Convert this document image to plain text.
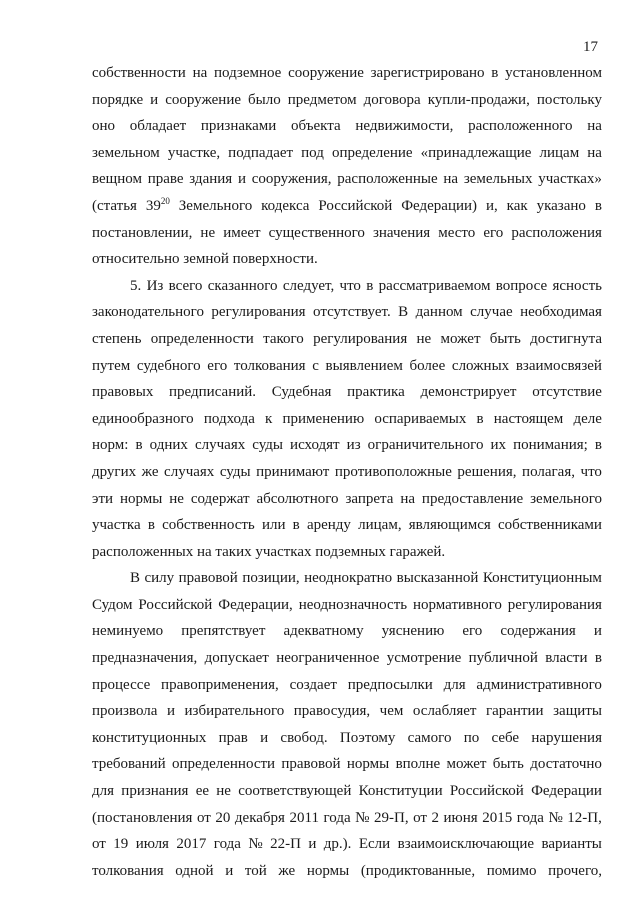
17
собственности на подземное сооружение зарегистрировано в установленном
порядке и сооружение было предметом договора купли-продажи, постольку
оно обладает признаками объекта недвижимости, расположенного на
земельном участке, подпадает под определение «принадлежащие лицам на
вещном праве здания и сооружения, расположенные на земельных участках»
(статья $39^{20}$ Земельного кодекса Российской Федерации) и, как указано в
постановлении, не имеет существенного значения место его расположения
относительно земной поверхности.
5. Из всего сказанного следует, что в рассматриваемом вопросе ясность
законодательного регулирования отсутствует. В данном случае необходимая
степень определенности такого регулирования не может быть достигнута
путем судебного его толкования с выявлением более сложных взаимосвязей
правовых предписаний. Судебная практика демонстрирует отсутствие
единообразного подхода к применению оспариваемых в настоящем деле
норм: в одних случаях суды исходят из ограничительного их понимания; в
других же случаях суды принимают противоположные решения, полагая, что
эти нормы не содержат абсолютного запрета на предоставление земельного
участка в собственность или в аренду лицам, являющимся собственниками
расположенных на таких участках подземных гаражей.
В силу правовой позиции, неоднократно высказанной Конституционным
Судом Российской Федерации, неоднозначность нормативного регулирования
неминуемо препятствует адекватному уяснению его содержания и
предназначения, допускает неограниченное усмотрение публичной власти в
процессе правоприменения, создает предпосылки для административного
произвола и избирательного правосудия, чем ослабляет гарантии защиты
конституционных прав и свобод. Поэтому самого по себе нарушения
требований определенности правовой нормы вполне может быть достаточно
для признания ее не соответствующей Конституции Российской Федерации
(постановления от 20 декабря 2011 года № 29-П, от 2 июня 2015 года № 12-П,
от 19 июля 2017 года № 22-П и др.). Если взаимоисключающие варианты
толкования одной и той же нормы (продиктованные, помимо прочего,
